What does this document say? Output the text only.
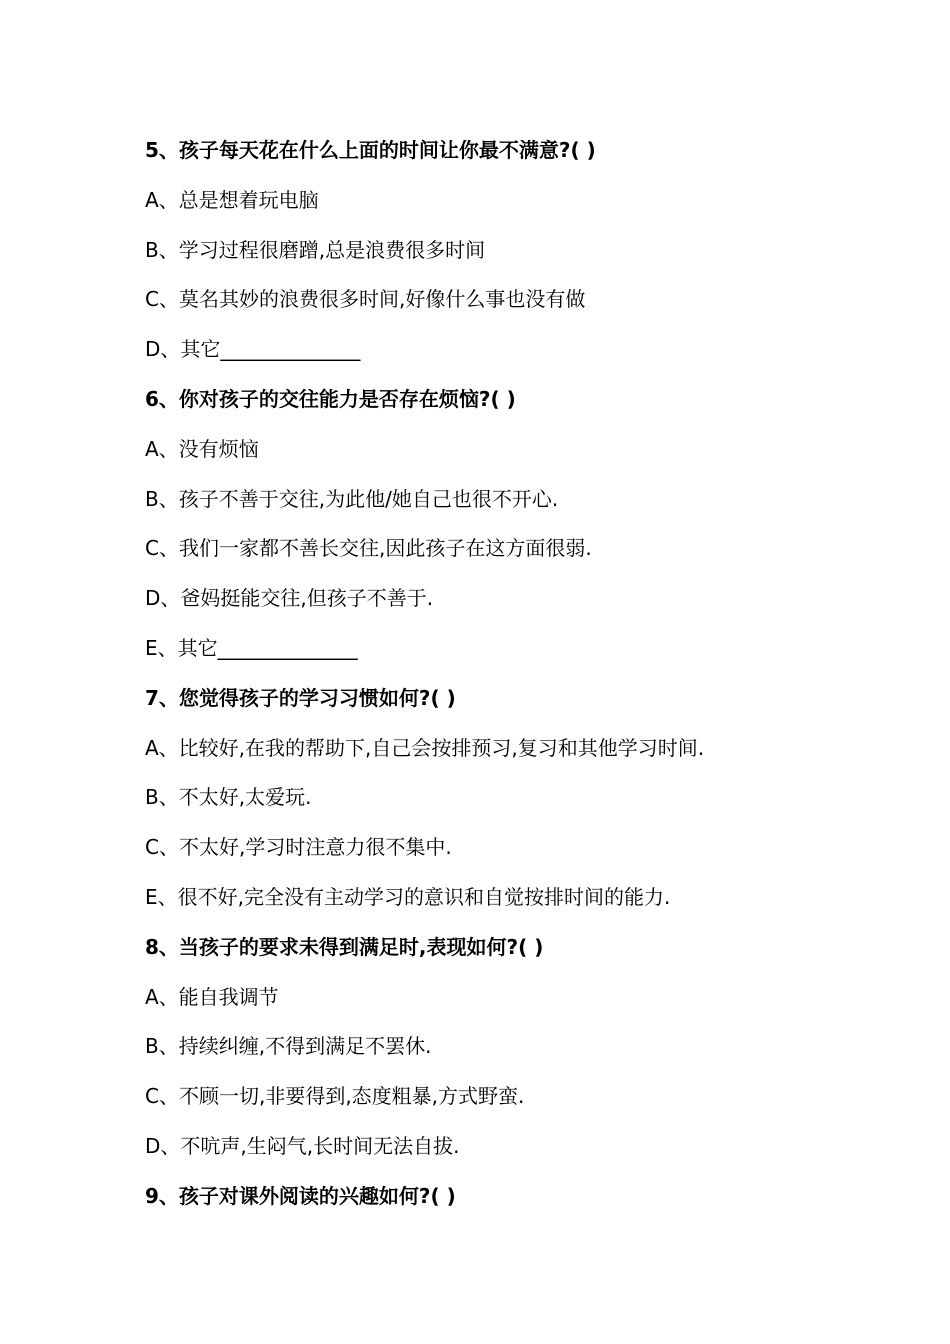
5、孩子每天花在什么上面的时间让你最不满意?( )
A、总是想着玩电脑
B、学习过程很磨蹭,总是浪费很多时间
C、莫名其妙的浪费很多时间,好像什么事也没有做
D、其它______________
6、你对孩子的交往能力是否存在烦恼?( )
A、没有烦恼
B、孩子不善于交往,为此他/她自己也很不开心.
C、我们一家都不善长交往,因此孩子在这方面很弱.
D、爸妈挺能交往,但孩子不善于.
E、其它______________
7、您觉得孩子的学习习惯如何?( )
A、比较好,在我的帮助下,自己会按排预习,复习和其他学习时间.
B、不太好,太爱玩.
C、不太好,学习时注意力很不集中.
E、很不好,完全没有主动学习的意识和自觉按排时间的能力.
8、当孩子的要求未得到满足时,表现如何?( )
A、能自我调节
B、持续纠缠,不得到满足不罢休.
C、不顾一切,非要得到,态度粗暴,方式野蛮.
D、不吭声,生闷气,长时间无法自拔.
9、孩子对课外阅读的兴趣如何?( )
